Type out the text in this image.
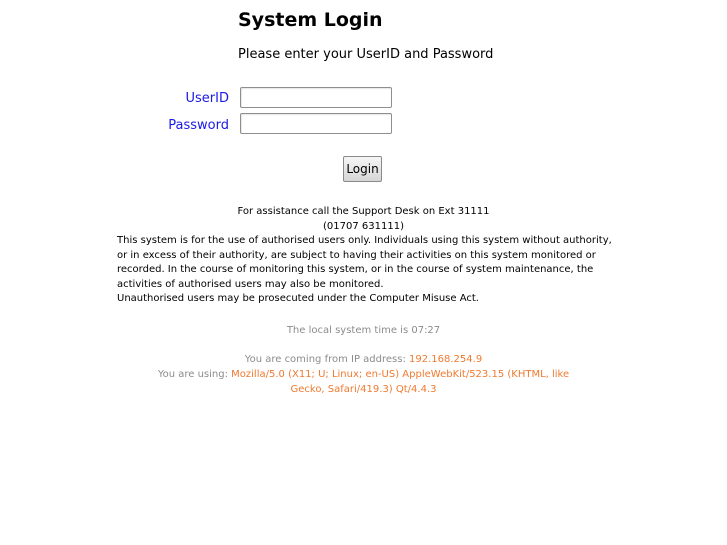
System Login
Please enter your UserID and Password
UserID
Password
Login
For assistance call the Support Desk on Ext 31111
(01707 631111)

This system is for the use of authorised users only. Individuals using this system without authority, or in excess of their authority, are subject to having their activities on this system monitored or recorded. In the course of monitoring this system, or in the course of system maintenance, the activities of authorised users may also be monitored.

Unauthorised users may be prosecuted under the Computer Misuse Act.

The local system time is 07:27
You are coming from IP address: 192.168.254.9
You are using: Mozilla/5.0 (X11; U; Linux; en-US) AppleWebKit/523.15 (KHTML, like Gecko, Safari/419.3) Qt/4.4.3
